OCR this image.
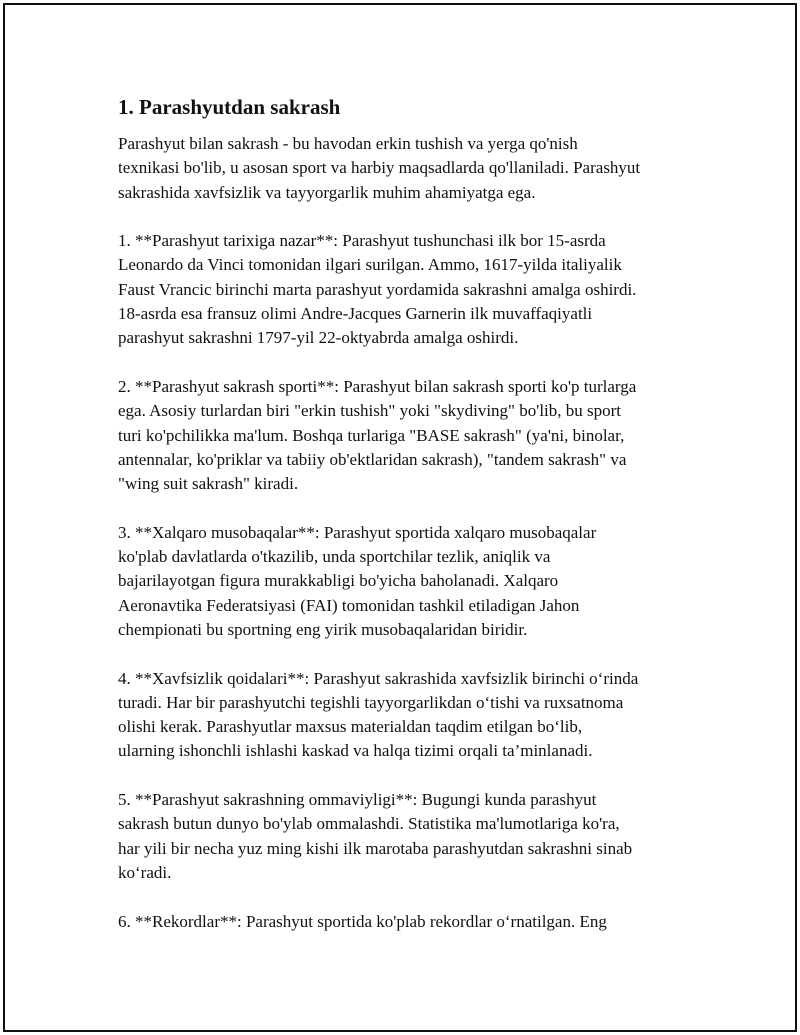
1. Parashyutdan sakrash

Parashyut bilan sakrash - bu havodan erkin tushish va yerga qo'nish
texnikasi bo'lib, u asosan sport va harbiy maqsadlarda qo'llaniladi. Parashyut
sakrashida xavfsizlik va tayyorgarlik muhim ahamiyatga ega.

1. **Parashyut tarixiga nazar**: Parashyut tushunchasi ilk bor 15-asrda
Leonardo da Vinci tomonidan ilgari surilgan. Ammo, 1617-yilda italiyalik
Faust Vrancic birinchi marta parashyut yordamida sakrashni amalga oshirdi.
18-asrda esa fransuz olimi Andre-Jacques Garnerin ilk muvaffaqiyatli
parashyut sakrashni 1797-yil 22-oktyabrda amalga oshirdi.

2. **Parashyut sakrash sporti**: Parashyut bilan sakrash sporti ko'p turlarga
ega. Asosiy turlardan biri "erkin tushish" yoki "skydiving" bo'lib, bu sport
turi ko'pchilikka ma'lum. Boshqa turlariga "BASE sakrash" (ya'ni, binolar,
antennalar, ko'priklar va tabiiy ob'ektlaridan sakrash), "tandem sakrash" va
"wing suit sakrash" kiradi.

3. **Xalqaro musobaqalar**: Parashyut sportida xalqaro musobaqalar
ko'plab davlatlarda o'tkazilib, unda sportchilar tezlik, aniqlik va
bajarilayotgan figura murakkabligi bo'yicha baholanadi. Xalqaro
Aeronavtika Federatsiyasi (FAI) tomonidan tashkil etiladigan Jahon
chempionati bu sportning eng yirik musobaqalaridan biridir.

4. **Xavfsizlik qoidalari**: Parashyut sakrashida xavfsizlik birinchi o‘rinda
turadi. Har bir parashyutchi tegishli tayyorgarlikdan o‘tishi va ruxsatnoma
olishi kerak. Parashyutlar maxsus materialdan taqdim etilgan bo‘lib,
ularning ishonchli ishlashi kaskad va halqa tizimi orqali ta’minlanadi.

5. **Parashyut sakrashning ommaviyligi**: Bugungi kunda parashyut
sakrash butun dunyo bo'ylab ommalashdi. Statistika ma'lumotlariga ko'ra,
har yili bir necha yuz ming kishi ilk marotaba parashyutdan sakrashni sinab
ko‘radi.

6. **Rekordlar**: Parashyut sportida ko'plab rekordlar o‘rnatilgan. Eng
